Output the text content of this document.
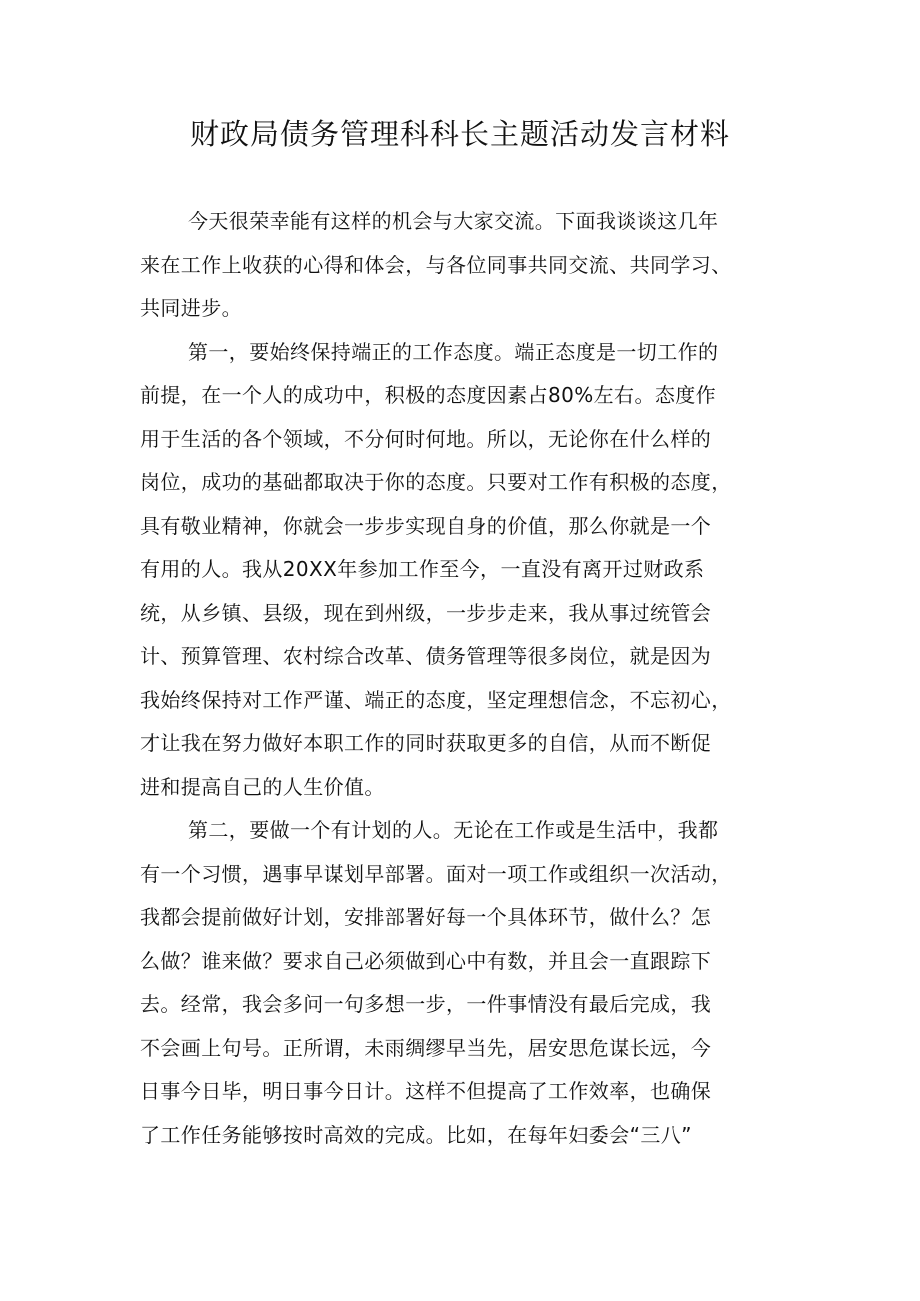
财政局债务管理科科长主题活动发言材料

今天很荣幸能有这样的机会与大家交流。下面我谈谈这几年
来在工作上收获的心得和体会，与各位同事共同交流、共同学习、
共同进步。

第一，要始终保持端正的工作态度。端正态度是一切工作的
前提，在一个人的成功中，积极的态度因素占80%左右。态度作
用于生活的各个领域，不分何时何地。所以，无论你在什么样的
岗位，成功的基础都取决于你的态度。只要对工作有积极的态度，
具有敬业精神，你就会一步步实现自身的价值，那么你就是一个
有用的人。我从20XX年参加工作至今，一直没有离开过财政系
统，从乡镇、县级，现在到州级，一步步走来，我从事过统管会
计、预算管理、农村综合改革、债务管理等很多岗位，就是因为
我始终保持对工作严谨、端正的态度，坚定理想信念，不忘初心，
才让我在努力做好本职工作的同时获取更多的自信，从而不断促
进和提高自己的人生价值。

第二，要做一个有计划的人。无论在工作或是生活中，我都
有一个习惯，遇事早谋划早部署。面对一项工作或组织一次活动，
我都会提前做好计划，安排部署好每一个具体环节，做什么？怎
么做？谁来做？要求自己必须做到心中有数，并且会一直跟踪下
去。经常，我会多问一句多想一步，一件事情没有最后完成，我
不会画上句号。正所谓，未雨绸缪早当先，居安思危谋长远，今
日事今日毕，明日事今日计。这样不但提高了工作效率，也确保
了工作任务能够按时高效的完成。比如，在每年妇委会“三八”
